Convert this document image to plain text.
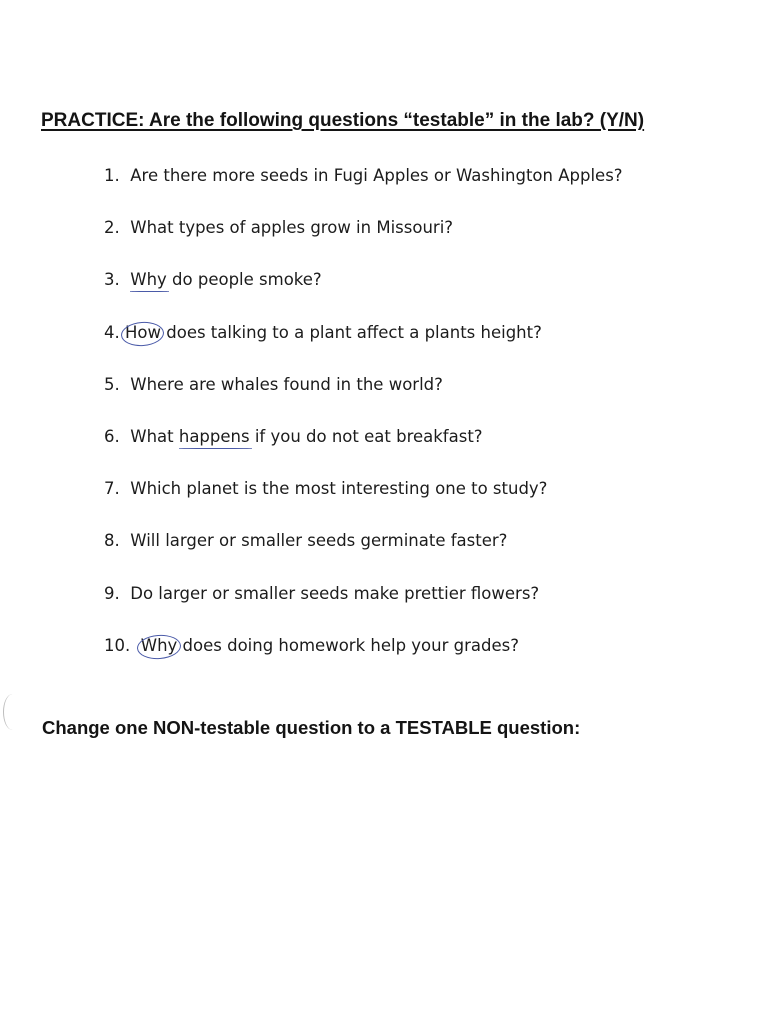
PRACTICE: Are the following questions “testable” in the lab? (Y/N)
1.  Are there more seeds in Fugi Apples or Washington Apples?
2.  What types of apples grow in Missouri?
3.  Why do people smoke?
4. How does talking to a plant affect a plants height?
5.  Where are whales found in the world?
6.  What happens if you do not eat breakfast?
7.  Which planet is the most interesting one to study?
8.  Will larger or smaller seeds germinate faster?
9.  Do larger or smaller seeds make prettier flowers?
10.  Why does doing homework help your grades?
Change one NON-testable question to a TESTABLE question:
